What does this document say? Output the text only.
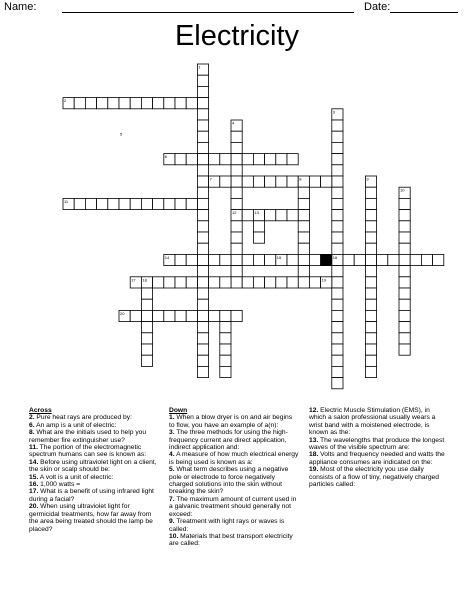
Name:	Date:
Electricity
1
2
3
4
5
6
7	8	9
10
11
12	13
14	15	16
17 18	19
20
Across
2. Pure heat rays are produced by:
6. An amp is a unit of electric:
8. What are the initials used to help you remember fire extinguisher use?
11. The portion of the electromagnetic spectrum humans can see is known as:
14. Before using ultraviolet light on a client, the skin or scalp should be:
15. A volt is a unit of electric:
16. 1,000 watts =
17. What is a benefit of using infrared light during a facial?
20. When using ultraviolet light for germicidal treatments, how far away from the area being treated should the lamp be placed?
Down
1. When a blow dryer is on and air begins to flow, you have an example of a(n):
3. The three methods for using the high-frequency current are direct application, indirect application and:
4. A measure of how much electrical energy is being used is known as a:
5. What term describes using a negative pole or electrode to force negatively charged solutions into the skin without breaking the skin?
7. The maximum amount of current used in a galvanic treatment should generally not exceed:
9. Treatment with light rays or waves is called:
10. Materials that best transport electricity are called:
12. Electric Muscle Stimulation (EMS), in which a salon professional usually wears a wrist band with a moistened electrode, is known as the:
13. The wavelengths that produce the longest waves of the visible spectrum are:
18. Volts and frequency needed and watts the appliance consumes are indicated on the:
19. Most of the electricity you use daily consists of a flow of tiny, negatively charged particles called:
